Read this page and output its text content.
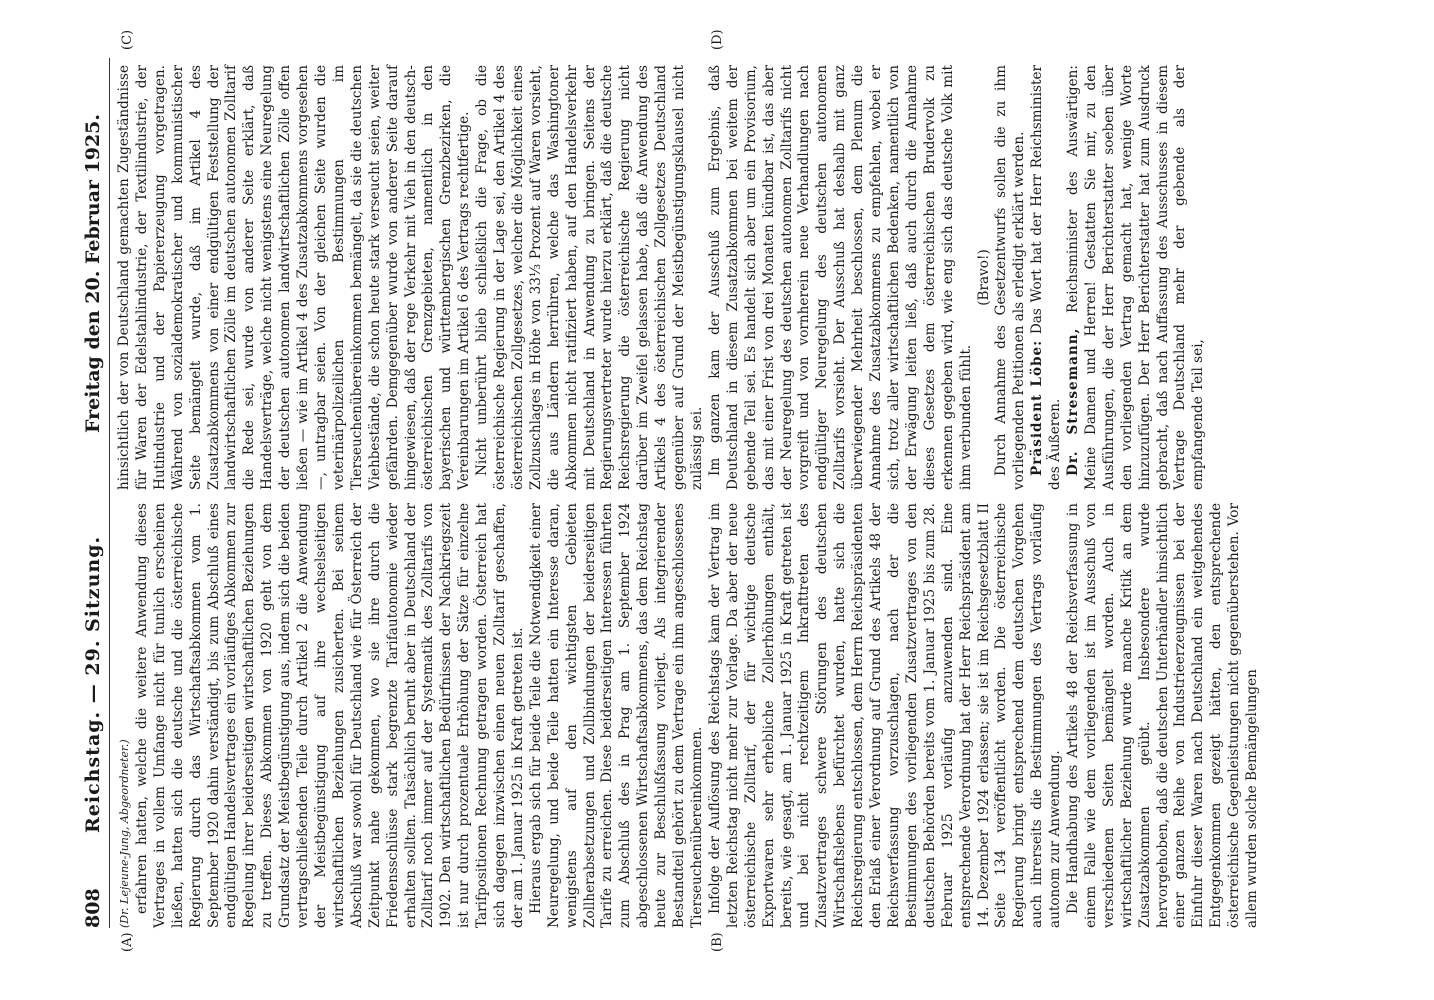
808
Reichstag. — 29. Sitzung.
Freitag den 20. Februar 1925.
(A)	(B)
(C)	(D)

(Dr. Lejeune-Jung, Abgeordneter.) erfahren hatten, welche die weitere Anwendung dieses Vertrages in vollem Umfange nicht für tunlich erscheinen ließen, hatten sich die deutsche und die österreichische Regierung durch das Wirtschaftsabkommen vom 1. September 1920 dahin verständigt, bis zum Abschluß eines endgültigen Handelsvertrages ein vorläufiges Abkommen zur Regelung ihrer beiderseitigen wirtschaftlichen Beziehungen zu treffen. Dieses Abkommen von 1920 geht von dem Grundsatz der Meistbegünstigung aus, indem sich die beiden vertragschließenden Teile durch Artikel 2 die Anwendung der Meistbegünstigung auf ihre wechselseitigen wirtschaftlichen Beziehungen zusicherten. Bei seinem Abschluß war sowohl für Deutschland wie für Österreich der Zeitpunkt nahe gekommen, wo sie ihre durch die Friedensschlüsse stark begrenzte Tarifautonomie wieder erhalten sollten. Tatsächlich beruht aber in Deutschland der Zolltarif noch immer auf der Systematik des Zolltarifs von 1902. Den wirtschaftlichen Bedürfnissen der Nachkriegszeit ist nur durch prozentuale Erhöhung der Sätze für einzelne Tarifpositionen Rechnung getragen worden. Österreich hat sich dagegen inzwischen einen neuen Zolltarif geschaffen, der am 1. Januar 1925 in Kraft getreten ist. Hieraus ergab sich für beide Teile die Notwendigkeit einer Neuregelung, und beide Teile hatten ein Interesse daran, wenigstens auf den wichtigsten Gebieten Zollherabsetzungen und Zollbindungen der beiderseitigen Tarife zu erreichen. Diese beiderseitigen Interessen führten zum Abschluß des in Prag am 1. September 1924 abgeschlossenen Wirtschaftsabkommens, das dem Reichstag heute zur Beschlußfassung vorliegt. Als integrierender Bestandteil gehört zu dem Vertrage ein ihm angeschlossenes Tierseuchenübereinkommen. Infolge der Auflösung des Reichstags kam der Vertrag im letzten Reichstag nicht mehr zur Vorlage. Da aber der neue österreichische Zolltarif, der für wichtige deutsche Exportwaren sehr erhebliche Zollerhöhungen enthält, bereits, wie gesagt, am 1. Januar 1925 in Kraft getreten ist und bei nicht rechtzeitigem Inkrafttreten des Zusatzvertrages schwere Störungen des deutschen Wirtschaftslebens befürchtet wurden, hatte sich die Reichsregierung entschlossen, dem Herrn Reichspräsidenten den Erlaß einer Verordnung auf Grund des Artikels 48 der Reichsverfassung vorzuschlagen, nach der die Bestimmungen des vorliegenden Zusatzvertrages von den deutschen Behörden bereits vom 1. Januar 1925 bis zum 28. Februar 1925 vorläufig anzuwenden sind. Eine entsprechende Verordnung hat der Herr Reichspräsident am 14. Dezember 1924 erlassen; sie ist im Reichsgesetzblatt II Seite 134 veröffentlicht worden. Die österreichische Regierung bringt entsprechend dem deutschen Vorgehen auch ihrerseits die Bestimmungen des Vertrags vorläufig autonom zur Anwendung. Die Handhabung des Artikels 48 der Reichsverfassung in einem Falle wie dem vorliegenden ist im Ausschuß von verschiedenen Seiten bemängelt worden. Auch in wirtschaftlicher Beziehung wurde manche Kritik an dem Zusatzabkommen geübt. Insbesondere wurde hervorgehoben, daß die deutschen Unterhändler hinsichtlich einer ganzen Reihe von Industrieerzeugnissen bei der Einfuhr dieser Waren nach Deutschland ein weitgehendes Entgegenkommen gezeigt hätten, den entsprechende österreichische Gegenleistungen nicht gegenüberstehen. Vor allem wurden solche Bemängelungen

hinsichtlich der von Deutschland gemachten Zugeständnisse für Waren der Edelstahlindustrie, der Textilindustrie, der Hutindustrie und der Papiererzeugung vorgetragen. Während von sozialdemokratischer und kommunistischer Seite bemängelt wurde, daß im Artikel 4 des Zusatzabkommens von einer endgültigen Feststellung der landwirtschaftlichen Zölle im deutschen autonomen Zolltarif die Rede sei, wurde von anderer Seite erklärt, daß Handelsverträge, welche nicht wenigstens eine Neuregelung der deutschen autonomen landwirtschaftlichen Zölle offen ließen — wie im Artikel 4 des Zusatzabkommens vorgesehen —, untragbar seien. Von der gleichen Seite wurden die veterinärpolizeilichen Bestimmungen im Tierseuchenübereinkommen bemängelt, da sie die deutschen Viehbestände, die schon heute stark verseucht seien, weiter gefährden. Demgegenüber wurde von anderer Seite darauf hingewiesen, daß der rege Verkehr mit Vieh in den deutsch-österreichischen Grenzgebieten, namentlich in den bayerischen und württembergischen Grenzbezirken, die Vereinbarungen im Artikel 6 des Vertrags rechtfertige. Nicht unberührt blieb schließlich die Frage, ob die österreichische Regierung in der Lage sei, den Artikel 4 des österreichischen Zollgesetzes, welcher die Möglichkeit eines Zollzuschlages in Höhe von 33⅓ Prozent auf Waren vorsieht, die aus Ländern herrühren, welche das Washingtoner Abkommen nicht ratifiziert haben, auf den Handelsverkehr mit Deutschland in Anwendung zu bringen. Seitens der Regierungsvertreter wurde hierzu erklärt, daß die deutsche Reichsregierung die österreichische Regierung nicht darüber im Zweifel gelassen habe, daß die Anwendung des Artikels 4 des österreichischen Zollgesetzes Deutschland gegenüber auf Grund der Meistbegünstigungsklausel nicht zulässig sei. Im ganzen kam der Ausschuß zum Ergebnis, daß Deutschland in diesem Zusatzabkommen bei weitem der gebende Teil sei. Es handelt sich aber um ein Provisorium, das mit einer Frist von drei Monaten kündbar ist, das aber der Neuregelung des deutschen autonomen Zolltarifs nicht vorgreift und von vornherein neue Verhandlungen nach endgültiger Neuregelung des deutschen autonomen Zolltarifs vorsieht. Der Ausschuß hat deshalb mit ganz überwiegender Mehrheit beschlossen, dem Plenum die Annahme des Zusatzabkommens zu empfehlen, wobei er sich, trotz aller wirtschaftlichen Bedenken, namentlich von der Erwägung leiten ließ, daß auch durch die Annahme dieses Gesetzes dem österreichischen Brudervolk zu erkennen gegeben wird, wie eng sich das deutsche Volk mit ihm verbunden fühlt.

(Bravo!) Durch Annahme des Gesetzentwurfs sollen die zu ihm vorliegenden Petitionen als erledigt erklärt werden. Präsident Löbe: Das Wort hat der Herr Reichsminister des Äußeren. Dr. Stresemann, Reichsminister des Auswärtigen: Meine Damen und Herren! Gestatten Sie mir, zu den Ausführungen, die der Herr Berichterstatter soeben über den vorliegenden Vertrag gemacht hat, wenige Worte hinzuzufügen. Der Herr Berichterstatter hat zum Ausdruck gebracht, daß nach Auffassung des Ausschusses in diesem Vertrage Deutschland mehr der gebende als der empfangende Teil sei,
